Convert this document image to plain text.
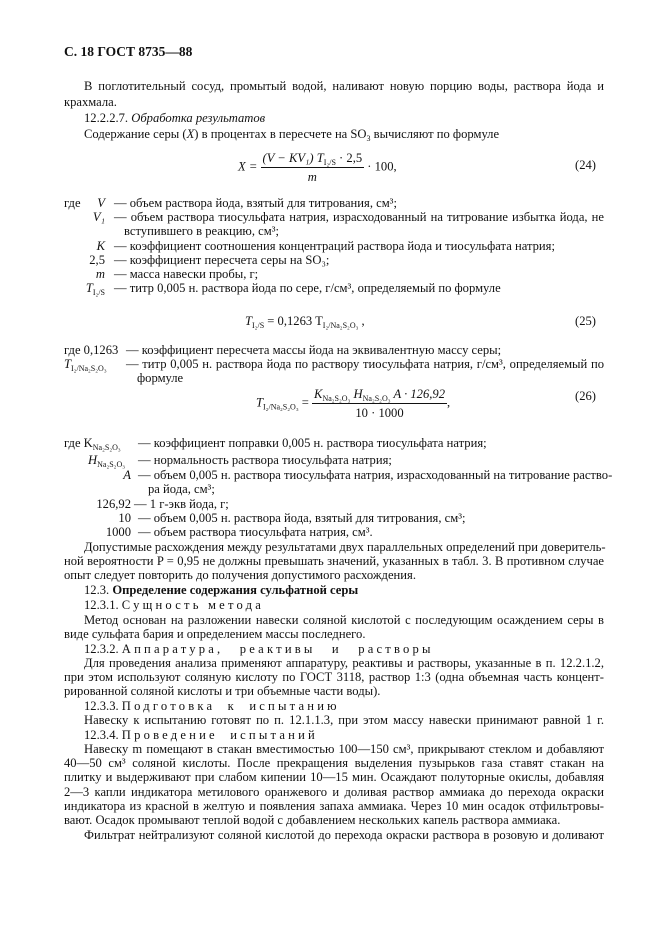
С. 18 ГОСТ 8735—88
В поглотительный сосуд, промытый водой, наливают новую порцию воды, раствора йода и
крахмала.
12.2.2.7. Обработка результатов
Содержание серы (X) в процентах в пересчете на $SO_3$ вычисляют по формуле
$X = \frac{(V - KV_1) T_{I_2/S} \cdot 2,5}{m} \cdot 100$,	(24)
где V — объем раствора йода, взятый для титрования, см³;
V₁ — объем раствора тиосульфата натрия, израсходованный на титрование избытка йода, не
вступившего в реакцию, см³;
K — коэффициент соотношения концентраций раствора йода и тиосульфата натрия;
2,5 — коэффициент пересчета серы на SO₃;
m — масса навески пробы, г;
$T_{I_2/S}$ — титр 0,005 н. раствора йода по сере, г/см³, определяемый по формуле
$T_{I_2/S} = 0,1263$ $T_{I_2/Na_2S_2O_3}$ ,	(25)
где 0,1263 — коэффициент пересчета массы йода на эквивалентную массу серы;
$T_{I_2/Na_2S_2O_3}$ — титр 0,005 н. раствора йода по раствору тиосульфата натрия, г/см³, определяемый по
формуле
$T_{I_2/Na_2S_2O_3} = \frac{K_{Na_2S_2O_3} H_{Na_2S_2O_3} A \cdot 126,92}{10 \cdot 1000}$ ,	(26)
где $K_{Na_2S_2O_3}$ — коэффициент поправки 0,005 н. раствора тиосульфата натрия;
$H_{Na_2S_2O_3}$ — нормальность раствора тиосульфата натрия;
A — объем 0,005 н. раствора тиосульфата натрия, израсходованный на титрование раство-
ра йода, см³;
126,92 — 1 г-экв йода, г;
10 — объем 0,005 н. раствора йода, взятый для титрования, см³;
1000 — объем раствора тиосульфата натрия, см³.
Допустимые расхождения между результатами двух параллельных определений при доверитель-
ной вероятности P = 0,95 не должны превышать значений, указанных в табл. 3. В противном случае
опыт следует повторить до получения допустимого расхождения.
12.3. Определение содержания сульфатной серы
12.3.1. Сущность метода
Метод основан на разложении навески соляной кислотой с последующим осаждением серы в
виде сульфата бария и определением массы последнего.
12.3.2. Аппаратура, реактивы и растворы
Для проведения анализа применяют аппаратуру, реактивы и растворы, указанные в п. 12.2.1.2,
при этом используют соляную кислоту по ГОСТ 3118, раствор 1:3 (одна объемная часть концент-
рированной соляной кислоты и три объемные части воды).
12.3.3. Подготовка к испытанию
Навеску к испытанию готовят по п. 12.1.1.3, при этом массу навески принимают равной 1 г.
12.3.4. Проведение испытаний
Навеску m помещают в стакан вместимостью 100—150 см³, прикрывают стеклом и добавляют
40—50 см³ соляной кислоты. После прекращения выделения пузырьков газа ставят стакан на
плитку и выдерживают при слабом кипении 10—15 мин. Осаждают полуторные окислы, добавляя
2—3 капли индикатора метилового оранжевого и доливая раствор аммиака до перехода окраски
индикатора из красной в желтую и появления запаха аммиака. Через 10 мин осадок отфильтровы-
вают. Осадок промывают теплой водой с добавлением нескольких капель раствора аммиака.
Фильтрат нейтрализуют соляной кислотой до перехода окраски раствора в розовую и доливают
